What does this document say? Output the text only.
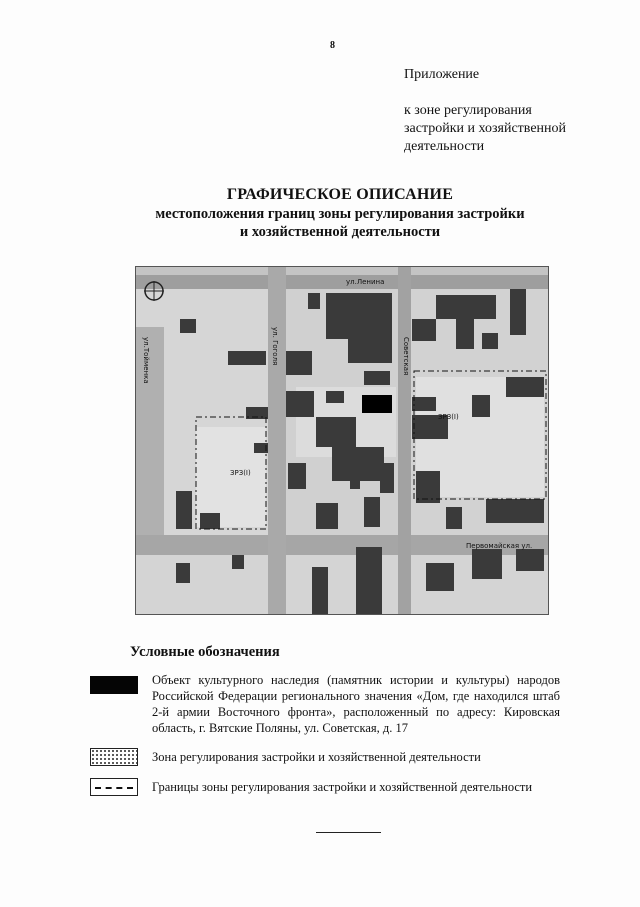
8
Приложение
к зоне регулирования застройки и хозяйственной деятельности
ГРАФИЧЕСКОЕ ОПИСАНИЕ
местоположения границ зоны регулирования застройки
и хозяйственной деятельности
ул.Ленина
Советская
Первомайская ул.
ул. Гоголя
ул.Тойменка
ЗРЗ(I)
ЗРЗ(I)
Условные обозначения
Объект культурного наследия (памятник истории и культуры) народов Российской Федерации регионального значения «Дом, где находился штаб 2-й армии Восточного фронта», расположенный по адресу: Кировская область, г. Вятские Поляны, ул. Советская, д. 17
Зона регулирования застройки и хозяйственной деятельности
Границы зоны регулирования застройки и хозяйственной деятельности
